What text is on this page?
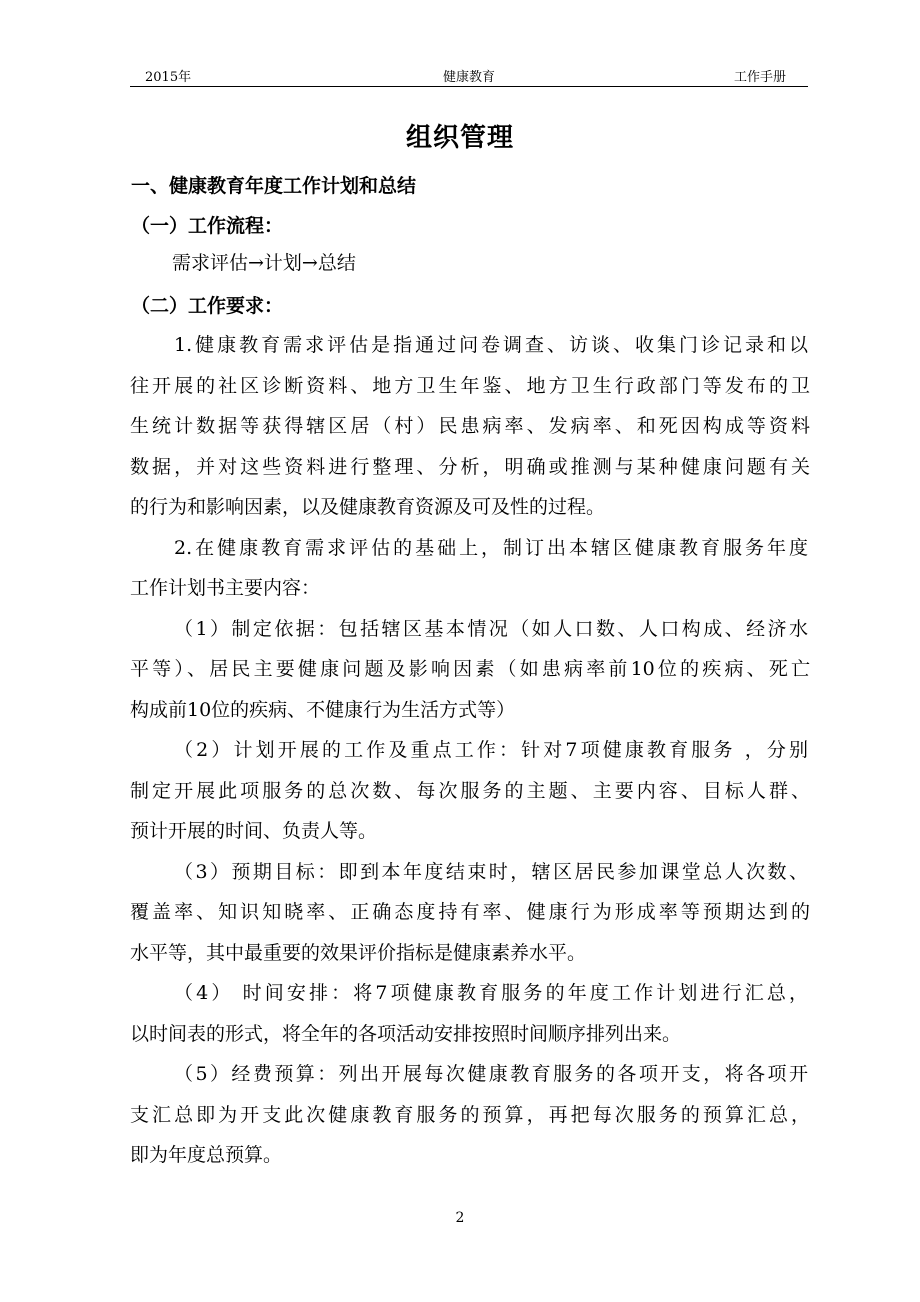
2015年	健康教育	工作手册
组织管理
一、健康教育年度工作计划和总结
（一）工作流程：
需求评估→计划→总结
（二）工作要求：
1.健康教育需求评估是指通过问卷调查、访谈、收集门诊记录和以
往开展的社区诊断资料、地方卫生年鉴、地方卫生行政部门等发布的卫
生统计数据等获得辖区居（村）民患病率、发病率、和死因构成等资料
数据，并对这些资料进行整理、分析，明确或推测与某种健康问题有关
的行为和影响因素，以及健康教育资源及可及性的过程。
2.在健康教育需求评估的基础上，制订出本辖区健康教育服务年度
工作计划书主要内容：
（1）制定依据：包括辖区基本情况（如人口数、人口构成、经济水
平等）、居民主要健康问题及影响因素（如患病率前10位的疾病、死亡
构成前10位的疾病、不健康行为生活方式等）
（2）计划开展的工作及重点工作：针对7项健康教育服务 ，分别
制定开展此项服务的总次数、每次服务的主题、主要内容、目标人群、
预计开展的时间、负责人等。
（3）预期目标：即到本年度结束时，辖区居民参加课堂总人次数、
覆盖率、知识知晓率、正确态度持有率、健康行为形成率等预期达到的
水平等，其中最重要的效果评价指标是健康素养水平。
（4） 时间安排：将7项健康教育服务的年度工作计划进行汇总，
以时间表的形式，将全年的各项活动安排按照时间顺序排列出来。
（5）经费预算：列出开展每次健康教育服务的各项开支，将各项开
支汇总即为开支此次健康教育服务的预算，再把每次服务的预算汇总，
即为年度总预算。
2
